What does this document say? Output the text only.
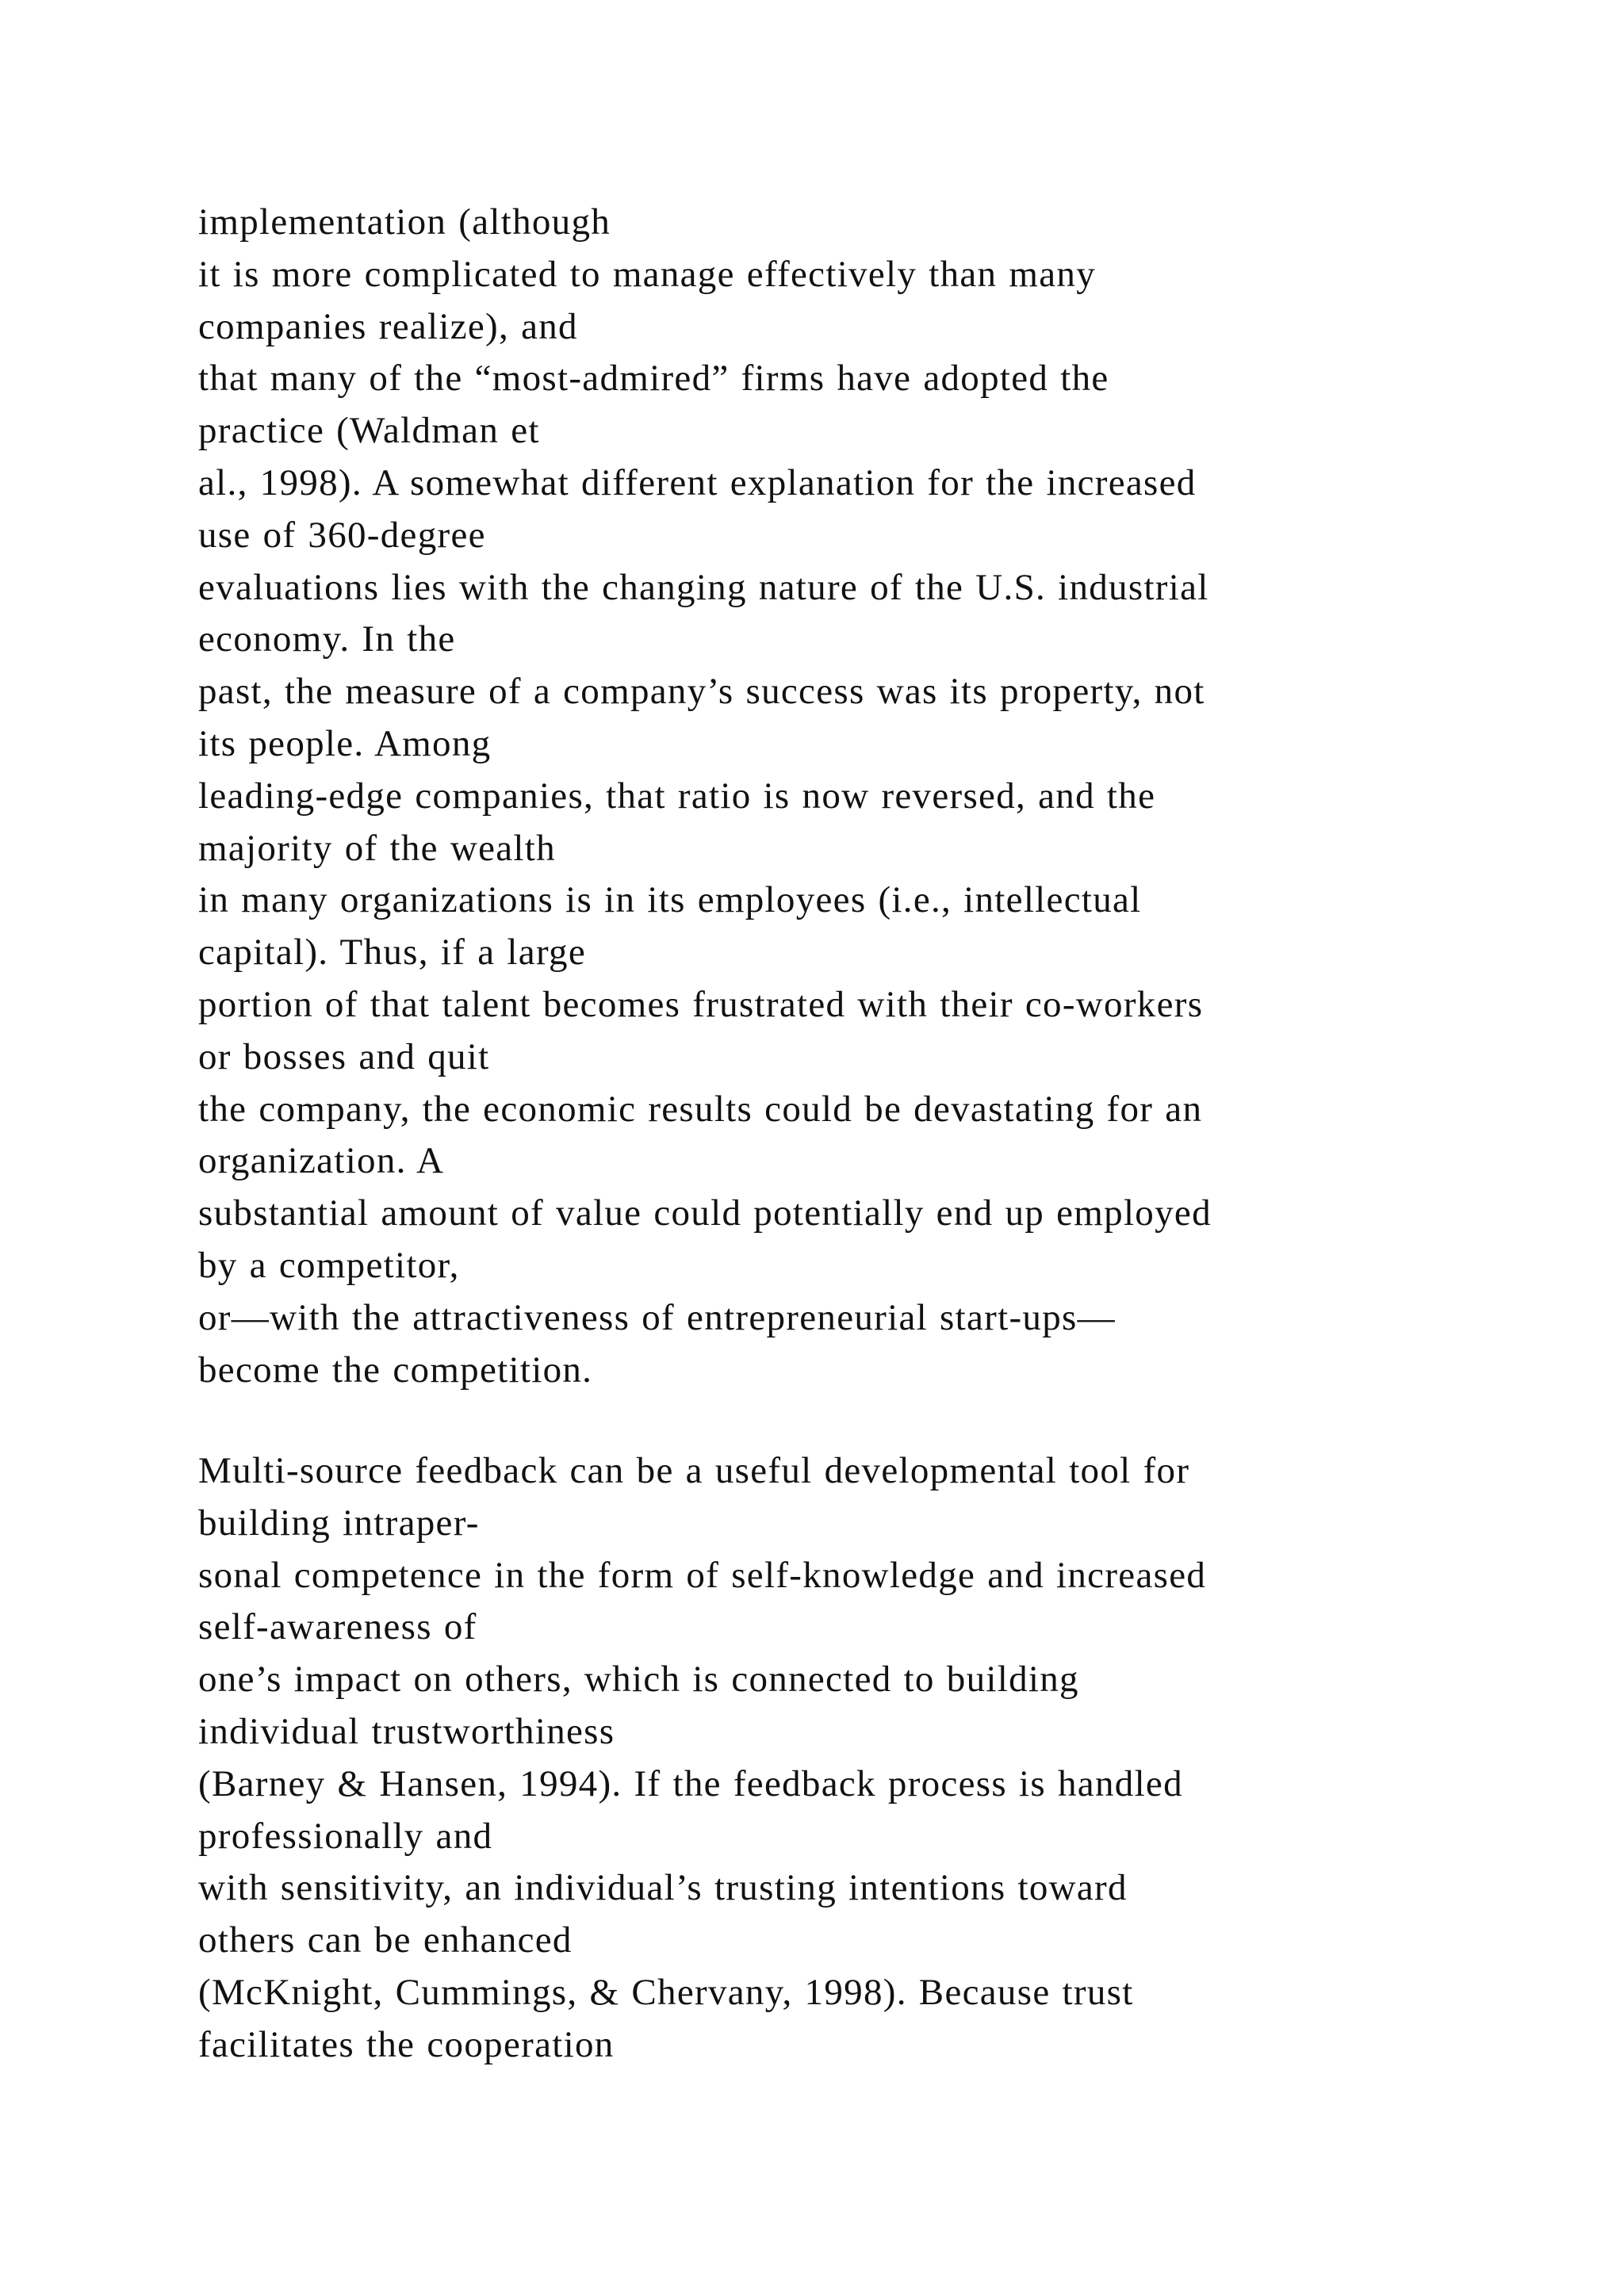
implementation (although
it is more complicated to manage effectively than many
companies realize), and
that many of the “most-admired” firms have adopted the
practice (Waldman et
al., 1998). A somewhat different explanation for the increased
use of 360-degree
evaluations lies with the changing nature of the U.S. industrial
economy. In the
past, the measure of a company’s success was its property, not
its people. Among
leading-edge companies, that ratio is now reversed, and the
majority of the wealth
in many organizations is in its employees (i.e., intellectual
capital). Thus, if a large
portion of that talent becomes frustrated with their co-workers
or bosses and quit
the company, the economic results could be devastating for an
organization. A
substantial amount of value could potentially end up employed
by a competitor,
or—with the attractiveness of entrepreneurial start-ups—
become the competition.
Multi-source feedback can be a useful developmental tool for
building intraper-
sonal competence in the form of self-knowledge and increased
self-awareness of
one’s impact on others, which is connected to building
individual trustworthiness
(Barney & Hansen, 1994). If the feedback process is handled
professionally and
with sensitivity, an individual’s trusting intentions toward
others can be enhanced
(McKnight, Cummings, & Chervany, 1998). Because trust
facilitates the cooperation
